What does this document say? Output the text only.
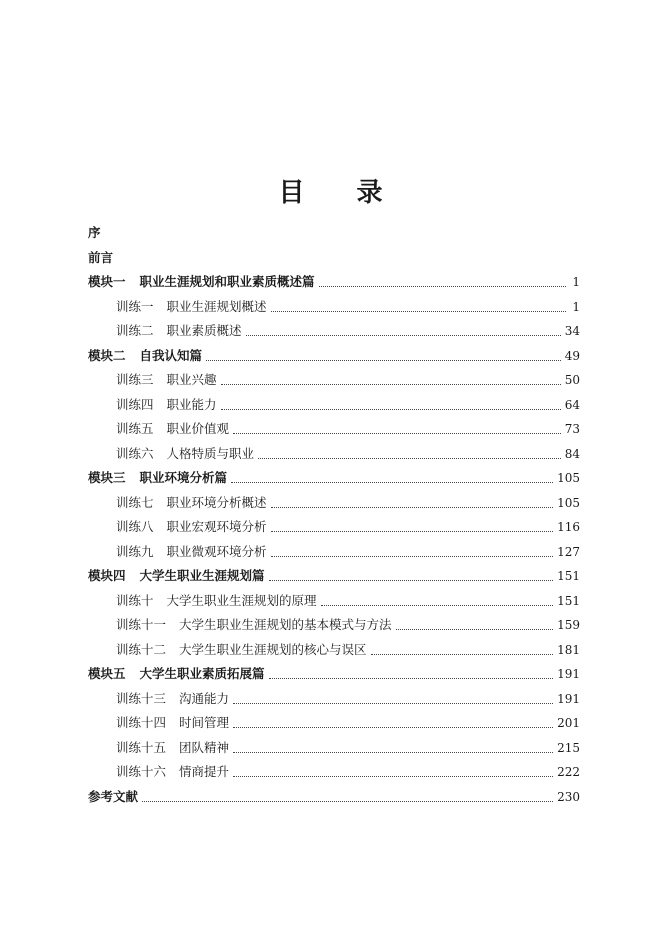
目 录
序
前言
模块一 职业生涯规划和职业素质概述篇	1
训练一 职业生涯规划概述	1
训练二 职业素质概述	34
模块二 自我认知篇	49
训练三 职业兴趣	50
训练四 职业能力	64
训练五 职业价值观	73
训练六 人格特质与职业	84
模块三 职业环境分析篇	105
训练七 职业环境分析概述	105
训练八 职业宏观环境分析	116
训练九 职业微观环境分析	127
模块四 大学生职业生涯规划篇	151
训练十 大学生职业生涯规划的原理	151
训练十一 大学生职业生涯规划的基本模式与方法	159
训练十二 大学生职业生涯规划的核心与误区	181
模块五 大学生职业素质拓展篇	191
训练十三 沟通能力	191
训练十四 时间管理	201
训练十五 团队精神	215
训练十六 情商提升	222
参考文献	230
